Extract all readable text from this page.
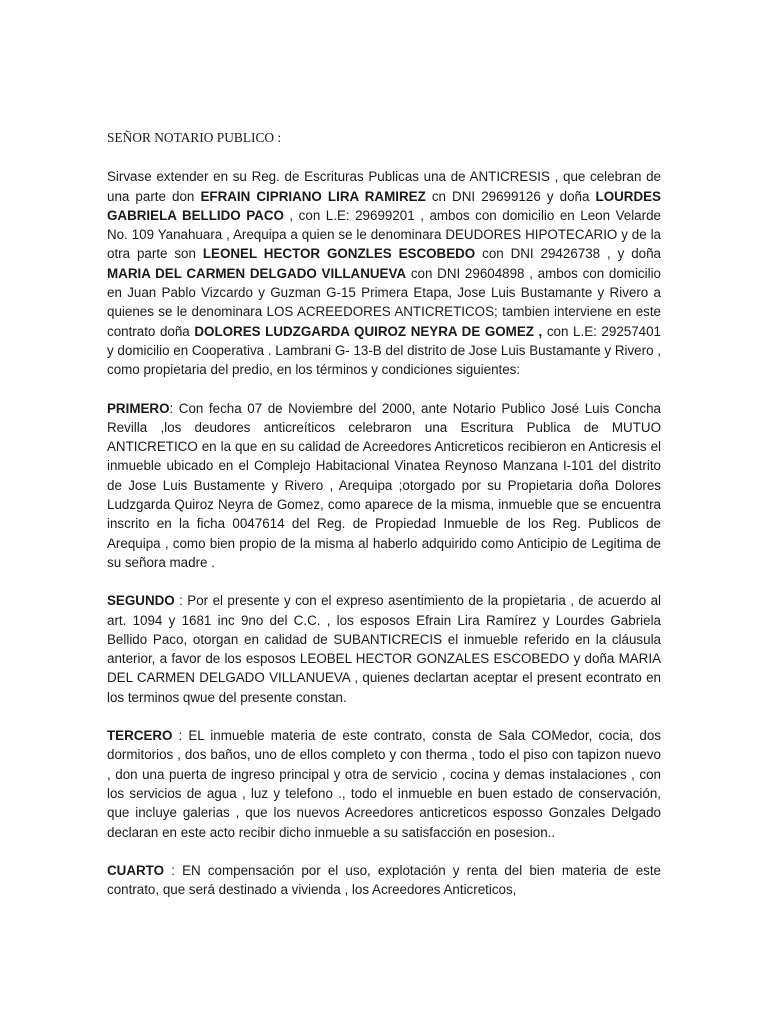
SEÑOR NOTARIO PUBLICO :

Sirvase extender en su Reg. de Escrituras Publicas una de ANTICRESIS , que celebran de una parte don EFRAIN CIPRIANO LIRA RAMIREZ cn DNI 29699126 y doña LOURDES GABRIELA BELLIDO PACO , con L.E: 29699201 , ambos con domicilio en Leon Velarde No. 109 Yanahuara , Arequipa a quien se le denominara DEUDORES HIPOTECARIO y de la otra parte son LEONEL HECTOR GONZLES ESCOBEDO con DNI 29426738 , y doña MARIA DEL CARMEN DELGADO VILLANUEVA con DNI 29604898 , ambos con domicilio en Juan Pablo Vizcardo y Guzman G-15 Primera Etapa, Jose Luis Bustamante y Rivero a quienes se le denominara LOS ACREEDORES ANTICRETICOS; tambien interviene en este contrato doña DOLORES LUDZGARDA QUIROZ NEYRA DE GOMEZ , con L.E: 29257401 y domicilio en Cooperativa . Lambrani G- 13-B del distrito de Jose Luis Bustamante y Rivero , como propietaria del predio, en los términos y condiciones siguientes:

PRIMERO: Con fecha 07 de Noviembre del 2000, ante Notario Publico José Luis Concha Revilla ,los deudores anticreíticos celebraron una Escritura Publica de MUTUO ANTICRETICO en la que en su calidad de Acreedores Anticreticos recibieron en Anticresis el inmueble ubicado en el Complejo Habitacional Vinatea Reynoso Manzana I-101 del distrito de Jose Luis Bustamente y Rivero , Arequipa ;otorgado por su Propietaria doña Dolores Ludzgarda Quiroz Neyra de Gomez, como aparece de la misma, inmueble que se encuentra inscrito en la ficha 0047614 del Reg. de Propiedad Inmueble de los Reg. Publicos de Arequipa , como bien propio de la misma al haberlo adquirido como Anticipio de Legitima de su señora madre .

SEGUNDO : Por el presente y con el expreso asentimiento de la propietaria , de acuerdo al art. 1094 y 1681 inc 9no del C.C. , los esposos Efrain Lira Ramírez y Lourdes Gabriela Bellido Paco, otorgan en calidad de SUBANTICRECIS el inmueble referido en la cláusula anterior, a favor de los esposos LEOBEL HECTOR GONZALES ESCOBEDO y doña MARIA DEL CARMEN DELGADO VILLANUEVA , quienes declartan aceptar el present econtrato en los terminos qwue del presente constan.

TERCERO : EL inmueble materia de este contrato, consta de Sala COMedor, cocia, dos dormitorios , dos baños, uno de ellos completo y con therma , todo el piso con tapizon nuevo , don una puerta de ingreso principal y otra de servicio , cocina y demas instalaciones , con los servicios de agua , luz y telefono ., todo el inmueble en buen estado de conservación, que incluye galerias , que los nuevos Acreedores anticreticos esposso Gonzales Delgado declaran en este acto recibir dicho inmueble a su satisfacción en posesion..

CUARTO : EN compensación por el uso, explotación y renta del bien materia de este contrato, que será destinado a vivienda , los Acreedores Anticreticos,
